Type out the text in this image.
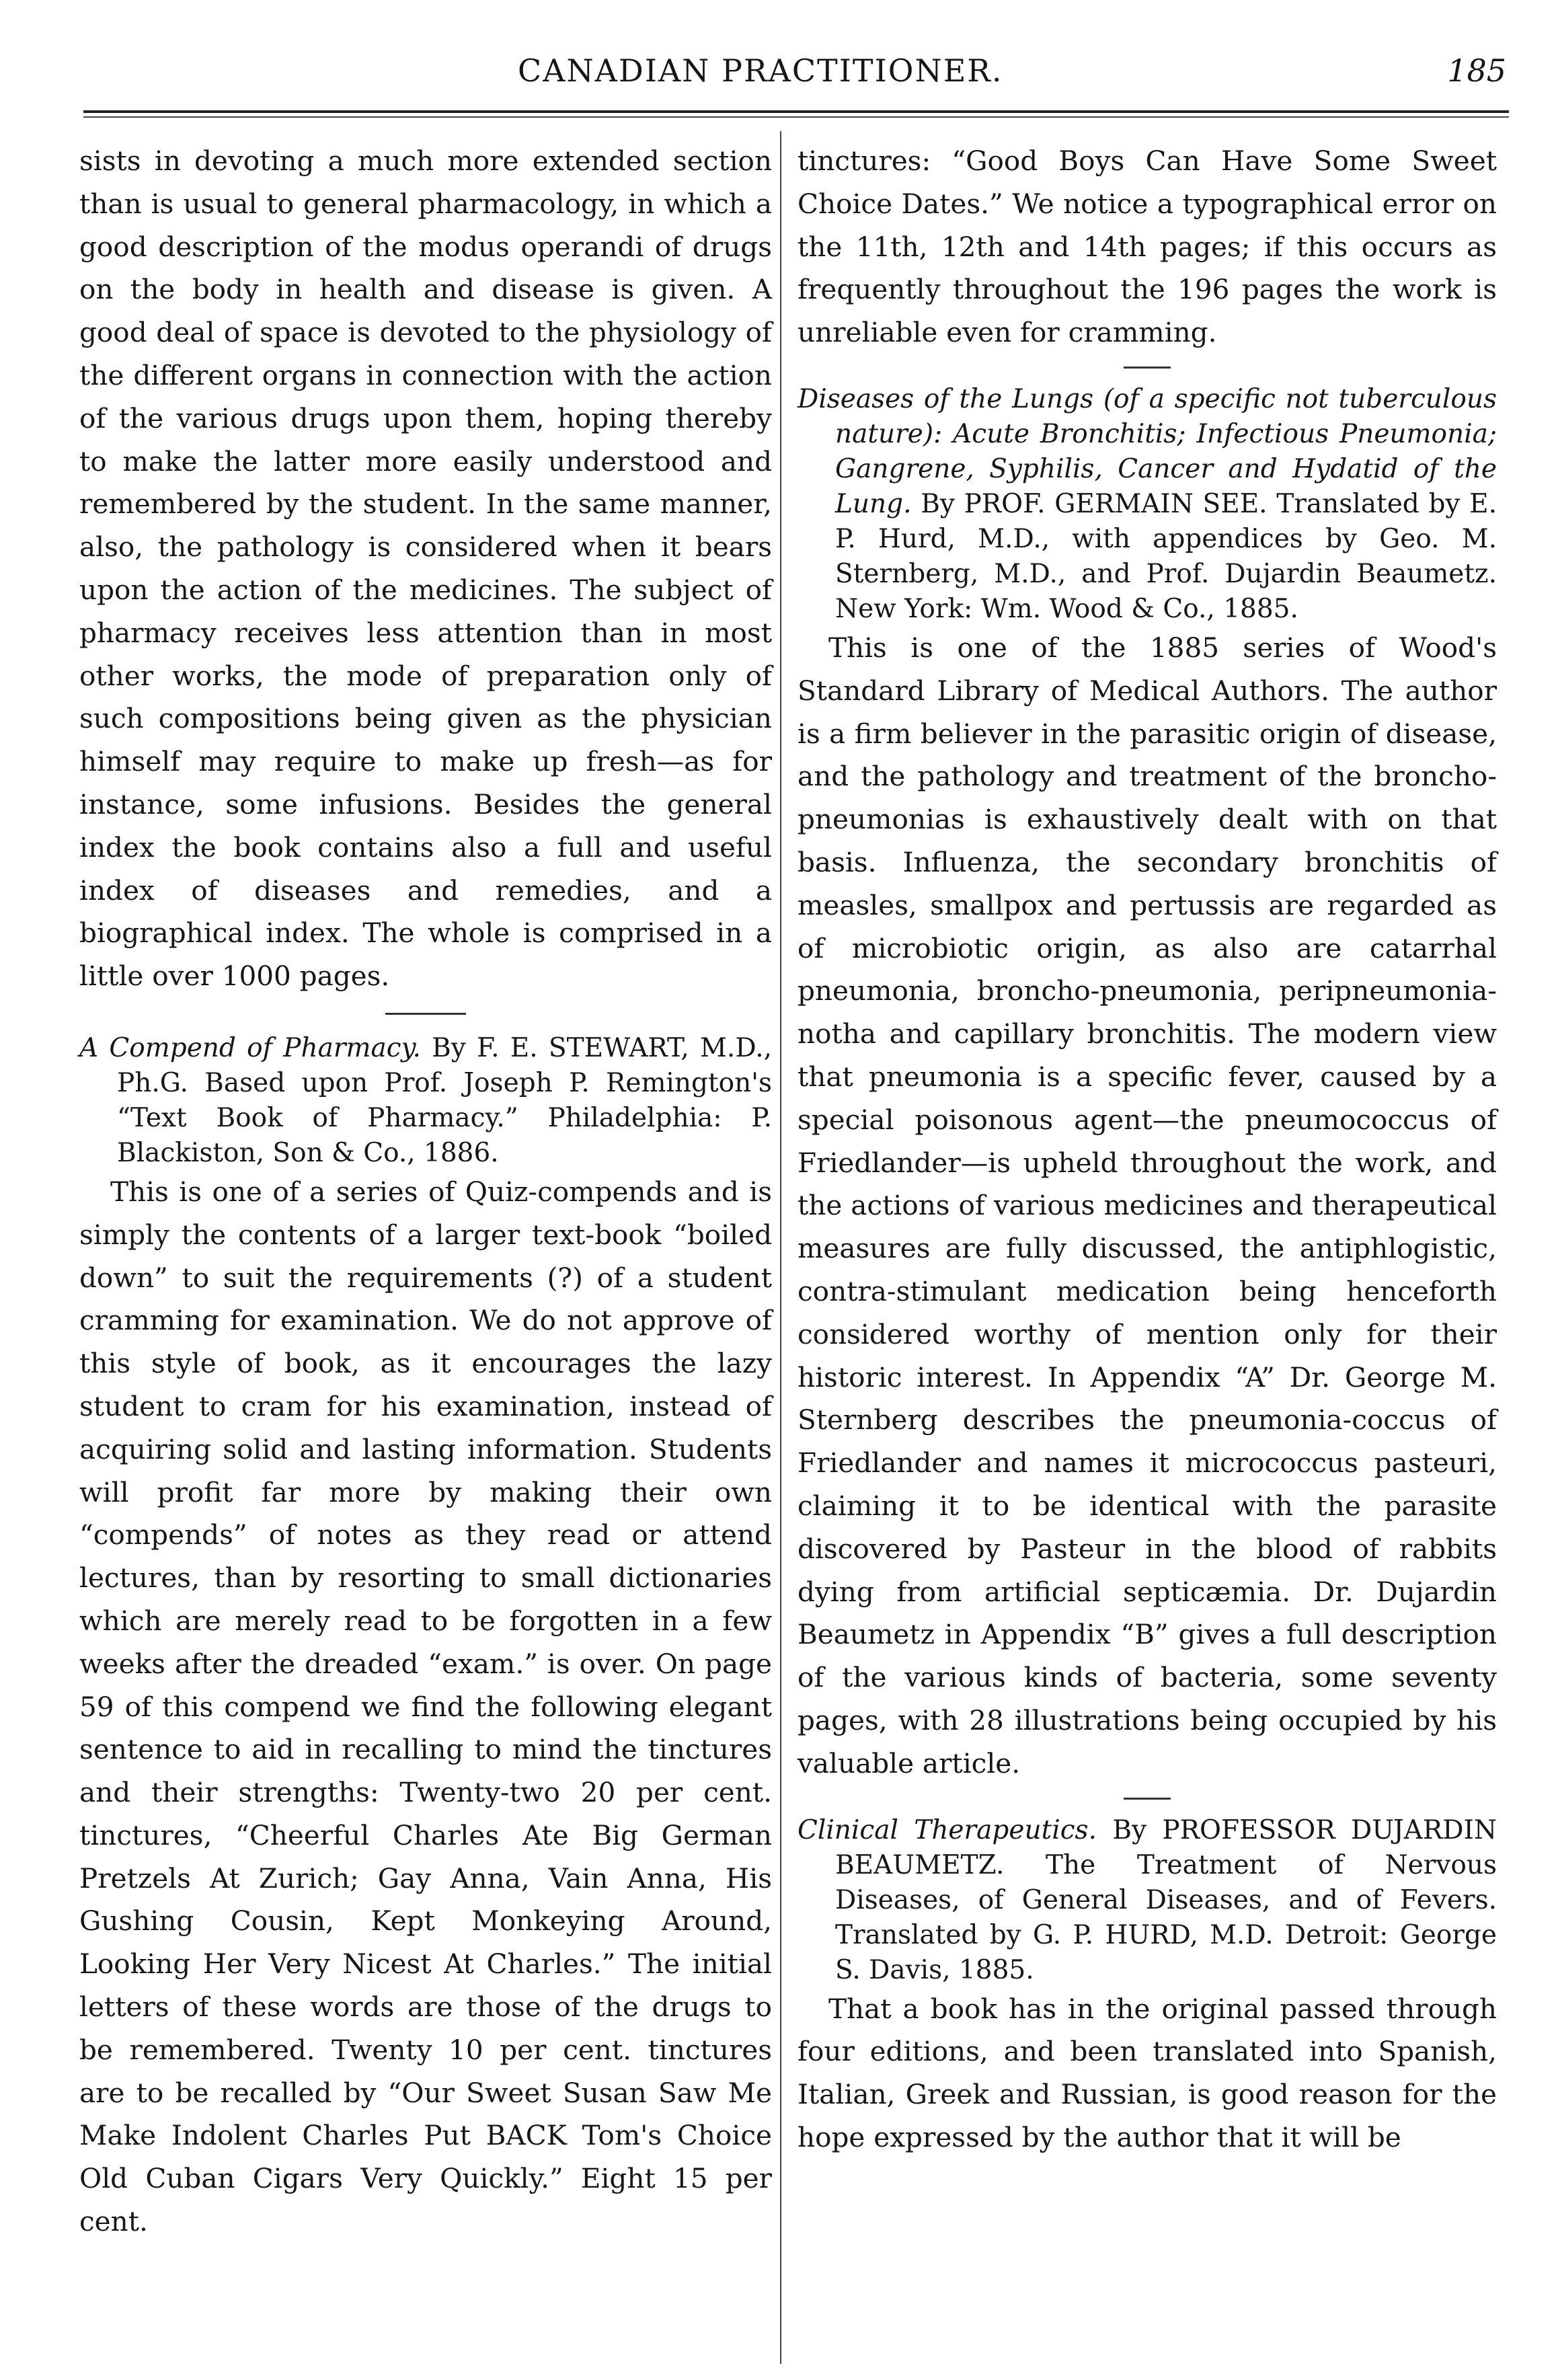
CANADIAN PRACTITIONER.	185

sists in devoting a much more extended section than is usual to general pharmacology, in which a good description of the modus operandi of drugs on the body in health and disease is given. A good deal of space is devoted to the physiology of the different organs in connection with the action of the various drugs upon them, hoping thereby to make the latter more easily understood and remembered by the student. In the same manner, also, the pathology is considered when it bears upon the action of the medicines. The subject of pharmacy receives less attention than in most other works, the mode of preparation only of such compositions being given as the physician himself may require to make up fresh—as for instance, some infusions. Besides the general index the book contains also a full and useful index of diseases and remedies, and a biographical index. The whole is comprised in a little over 1000 pages.

A Compend of Pharmacy. By F. E. STEWART, M.D., Ph.G. Based upon Prof. Joseph P. Remington's “Text Book of Pharmacy.” Philadelphia: P. Blackiston, Son & Co., 1886.

This is one of a series of Quiz-compends and is simply the contents of a larger text-book “boiled down” to suit the requirements (?) of a student cramming for examination. We do not approve of this style of book, as it encourages the lazy student to cram for his examination, instead of acquiring solid and lasting information. Students will profit far more by making their own “compends” of notes as they read or attend lectures, than by resorting to small dictionaries which are merely read to be forgotten in a few weeks after the dreaded “exam.” is over. On page 59 of this compend we find the following elegant sentence to aid in recalling to mind the tinctures and their strengths: Twenty-two 20 per cent. tinctures, “Cheerful Charles Ate Big German Pretzels At Zurich; Gay Anna, Vain Anna, His Gushing Cousin, Kept Monkeying Around, Looking Her Very Nicest At Charles.” The initial letters of these words are those of the drugs to be remembered. Twenty 10 per cent. tinctures are to be recalled by “Our Sweet Susan Saw Me Make Indolent Charles Put BACK Tom's Choice Old Cuban Cigars Very Quickly.” Eight 15 per cent.

tinctures: “Good Boys Can Have Some Sweet Choice Dates.” We notice a typographical error on the 11th, 12th and 14th pages; if this occurs as frequently throughout the 196 pages the work is unreliable even for cramming.

Diseases of the Lungs (of a specific not tuberculous nature): Acute Bronchitis; Infectious Pneumonia; Gangrene, Syphilis, Cancer and Hydatid of the Lung. By PROF. GERMAIN SEE. Translated by E. P. Hurd, M.D., with appendices by Geo. M. Sternberg, M.D., and Prof. Dujardin Beaumetz. New York: Wm. Wood & Co., 1885.

This is one of the 1885 series of Wood's Standard Library of Medical Authors. The author is a firm believer in the parasitic origin of disease, and the pathology and treatment of the broncho-pneumonias is exhaustively dealt with on that basis. Influenza, the secondary bronchitis of measles, smallpox and pertussis are regarded as of microbiotic origin, as also are catarrhal pneumonia, broncho-pneumonia, peripneumonia-notha and capillary bronchitis. The modern view that pneumonia is a specific fever, caused by a special poisonous agent—the pneumococcus of Friedlander—is upheld throughout the work, and the actions of various medicines and therapeutical measures are fully discussed, the antiphlogistic, contra-stimulant medication being henceforth considered worthy of mention only for their historic interest. In Appendix “A” Dr. George M. Sternberg describes the pneumonia-coccus of Friedlander and names it micrococcus pasteuri, claiming it to be identical with the parasite discovered by Pasteur in the blood of rabbits dying from artificial septicæmia. Dr. Dujardin Beaumetz in Appendix “B” gives a full description of the various kinds of bacteria, some seventy pages, with 28 illustrations being occupied by his valuable article.

Clinical Therapeutics. By PROFESSOR DUJARDIN BEAUMETZ. The Treatment of Nervous Diseases, of General Diseases, and of Fevers. Translated by G. P. HURD, M.D. Detroit: George S. Davis, 1885.

That a book has in the original passed through four editions, and been translated into Spanish, Italian, Greek and Russian, is good reason for the hope expressed by the author that it will be
